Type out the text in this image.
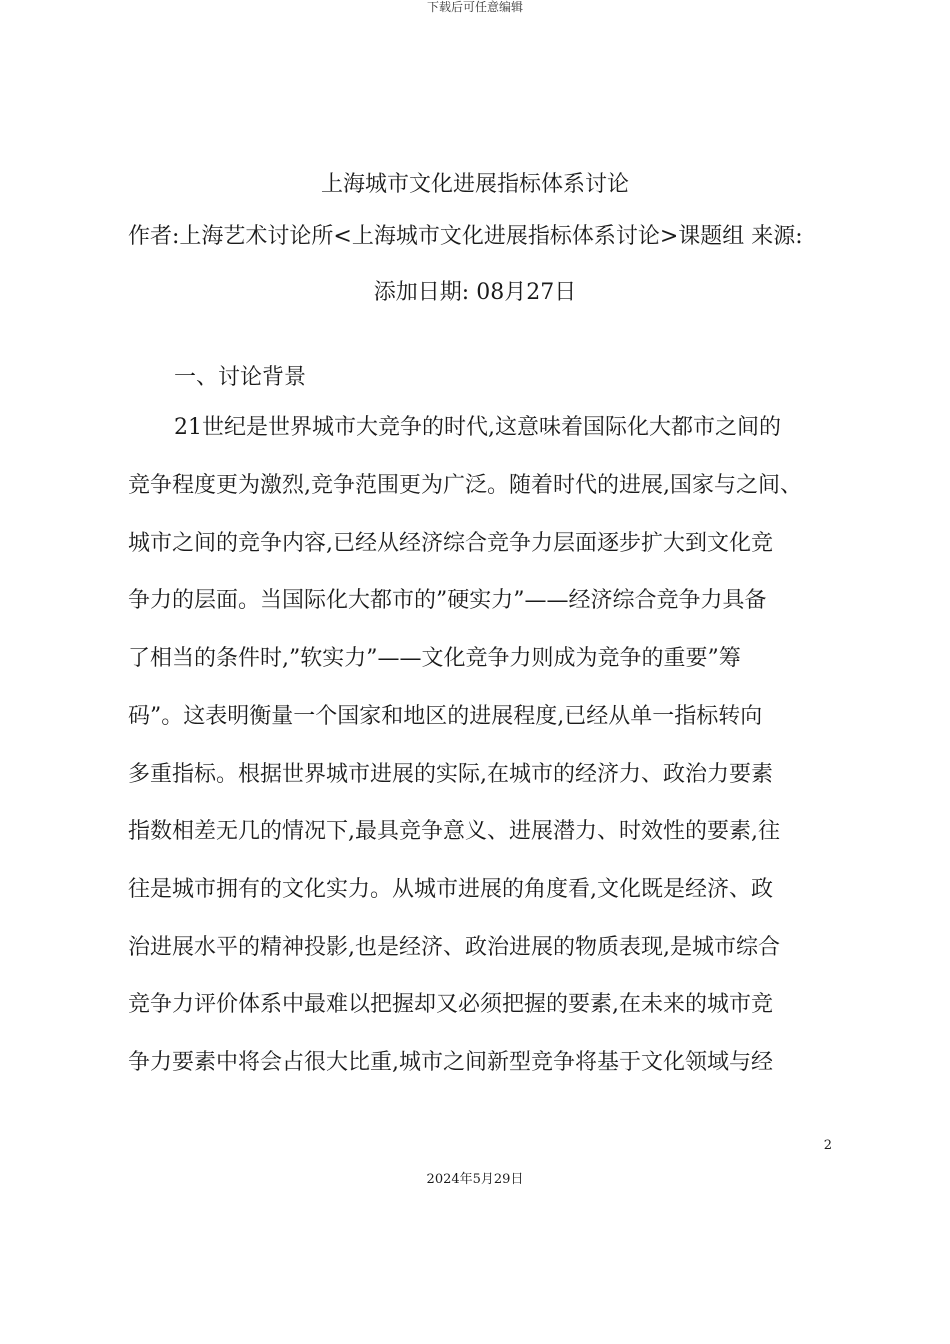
下载后可任意编辑
上海城市文化进展指标体系讨论
作者:上海艺术讨论所<上海城市文化进展指标体系讨论>课题组 来源:
添加日期: 08月27日
一、讨论背景
21世纪是世界城市大竞争的时代,这意味着国际化大都市之间的
竞争程度更为激烈,竞争范围更为广泛。随着时代的进展,国家与之间、
城市之间的竞争内容,已经从经济综合竞争力层面逐步扩大到文化竞
争力的层面。当国际化大都市的”硬实力”——经济综合竞争力具备
了相当的条件时,”软实力”——文化竞争力则成为竞争的重要”筹
码”。这表明衡量一个国家和地区的进展程度,已经从单一指标转向
多重指标。根据世界城市进展的实际,在城市的经济力、政治力要素
指数相差无几的情况下,最具竞争意义、进展潜力、时效性的要素,往
往是城市拥有的文化实力。从城市进展的角度看,文化既是经济、政
治进展水平的精神投影,也是经济、政治进展的物质表现,是城市综合
竞争力评价体系中最难以把握却又必须把握的要素,在未来的城市竞
争力要素中将会占很大比重,城市之间新型竞争将基于文化领域与经
2
2024年5月29日
